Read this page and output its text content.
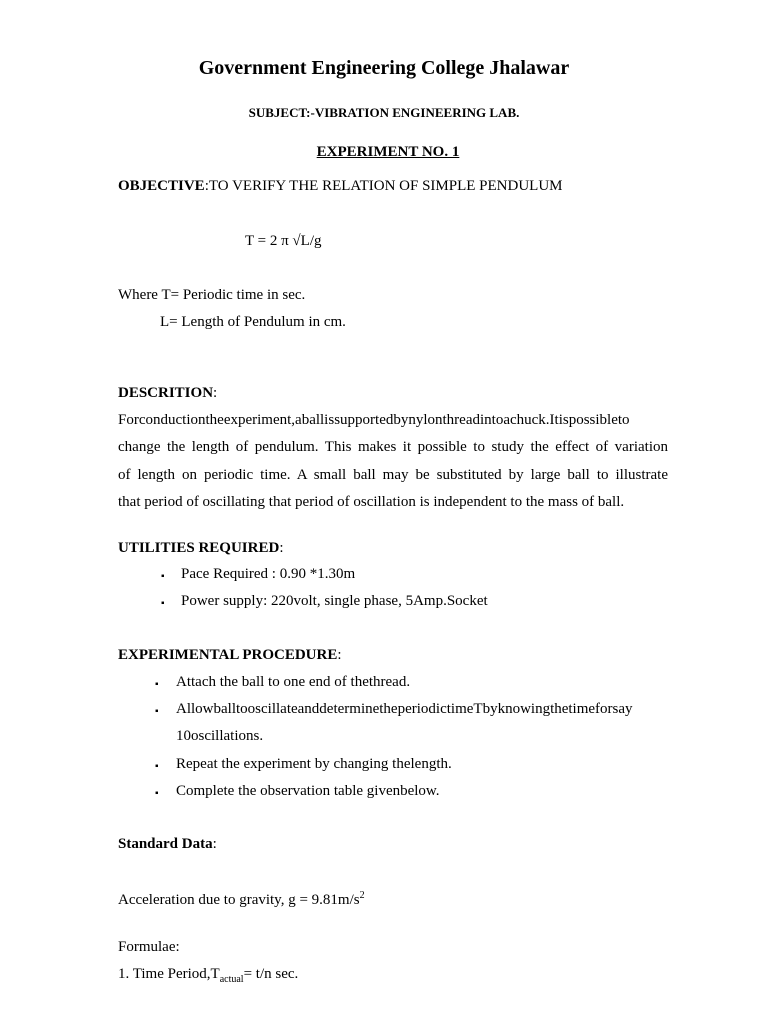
Government Engineering College Jhalawar
SUBJECT:-VIBRATION ENGINEERING LAB.
EXPERIMENT NO. 1
OBJECTIVE:TO VERIFY THE RELATION OF SIMPLE PENDULUM
T = 2 π √L/g
Where T= Periodic time in sec.
L= Length of Pendulum in cm.
DESCRITION:
Forconductiontheexperiment,aballissupportedbynylonthreadintoachuck.Itispossibleto
change the length of pendulum. This makes it possible to study the effect of variation
of length on periodic time. A small ball may be substituted by large ball to illustrate
that period of oscillating that period of oscillation is independent to the mass of ball.
UTILITIES REQUIRED:
▪ Pace Required : 0.90 *1.30m
▪ Power supply: 220volt, single phase, 5Amp.Socket
EXPERIMENTAL PROCEDURE:
▪ Attach the ball to one end of thethread.
▪ AllowballtooscillateanddeterminetheperiodictimeTbyknowingthetimeforsay
10oscillations.
▪ Repeat the experiment by changing thelength.
▪ Complete the observation table givenbelow.
Standard Data:
Acceleration due to gravity, $g = 9.81m/s^2$
Formulae:
1. Time $Period,T_{actual}= t/n$ sec.
